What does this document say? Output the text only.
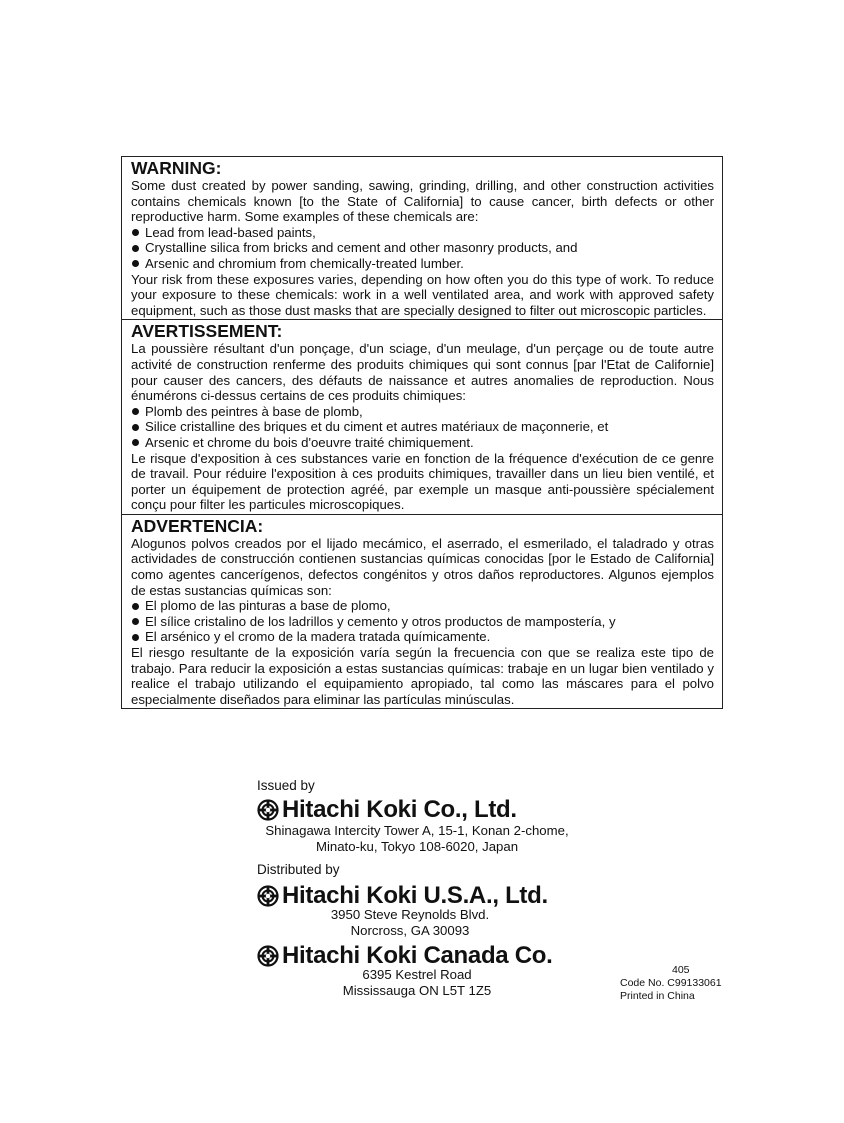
WARNING:
Some dust created by power sanding, sawing, grinding, drilling, and other construction activities contains chemicals known [to the State of California] to cause cancer, birth defects or other reproductive harm. Some examples of these chemicals are:
Lead from lead-based paints,
Crystalline silica from bricks and cement and other masonry products, and
Arsenic and chromium from chemically-treated lumber.
Your risk from these exposures varies, depending on how often you do this type of work. To reduce your exposure to these chemicals: work in a well ventilated area, and work with approved safety equipment, such as those dust masks that are specially designed to filter out microscopic particles.
AVERTISSEMENT:
La poussière résultant d'un ponçage, d'un sciage, d'un meulage, d'un perçage ou de toute autre activité de construction renferme des produits chimiques qui sont connus [par l'Etat de Californie] pour causer des cancers, des défauts de naissance et autres anomalies de reproduction. Nous énumérons ci-dessus certains de ces produits chimiques:
Plomb des peintres à base de plomb,
Silice cristalline des briques et du ciment et autres matériaux de maçonnerie, et
Arsenic et chrome du bois d'oeuvre traité chimiquement.
Le risque d'exposition à ces substances varie en fonction de la fréquence d'exécution de ce genre de travail. Pour réduire l'exposition à ces produits chimiques, travailler dans un lieu bien ventilé, et porter un équipement de protection agréé, par exemple un masque anti-poussière spécialement conçu pour filter les particules microscopiques.
ADVERTENCIA:
Alogunos polvos creados por el lijado mecámico, el aserrado, el esmerilado, el taladrado y otras actividades de construcción contienen sustancias químicas conocidas [por le Estado de California] como agentes cancerígenos, defectos congénitos y otros daños reproductores. Algunos ejemplos de estas sustancias químicas son:
El plomo de las pinturas a base de plomo,
El sílice cristalino de los ladrillos y cemento y otros productos de mampostería, y
El arsénico y el cromo de la madera tratada químicamente.
El riesgo resultante de la exposición varía según la frecuencia con que se realiza este tipo de trabajo. Para reducir la exposición a estas sustancias químicas: trabaje en un lugar bien ventilado y realice el trabajo utilizando el equipamiento apropiado, tal como las máscares para el polvo especialmente diseñados para eliminar las partículas minúsculas.
Issued by
Hitachi Koki Co., Ltd.
Shinagawa Intercity Tower A, 15-1, Konan 2-chome,
Minato-ku, Tokyo 108-6020, Japan
Distributed by
Hitachi Koki U.S.A., Ltd.
3950 Steve Reynolds Blvd.
Norcross, GA 30093
Hitachi Koki Canada Co.
6395 Kestrel Road
Mississauga ON L5T 1Z5
405
Code No. C99133061
Printed in China
